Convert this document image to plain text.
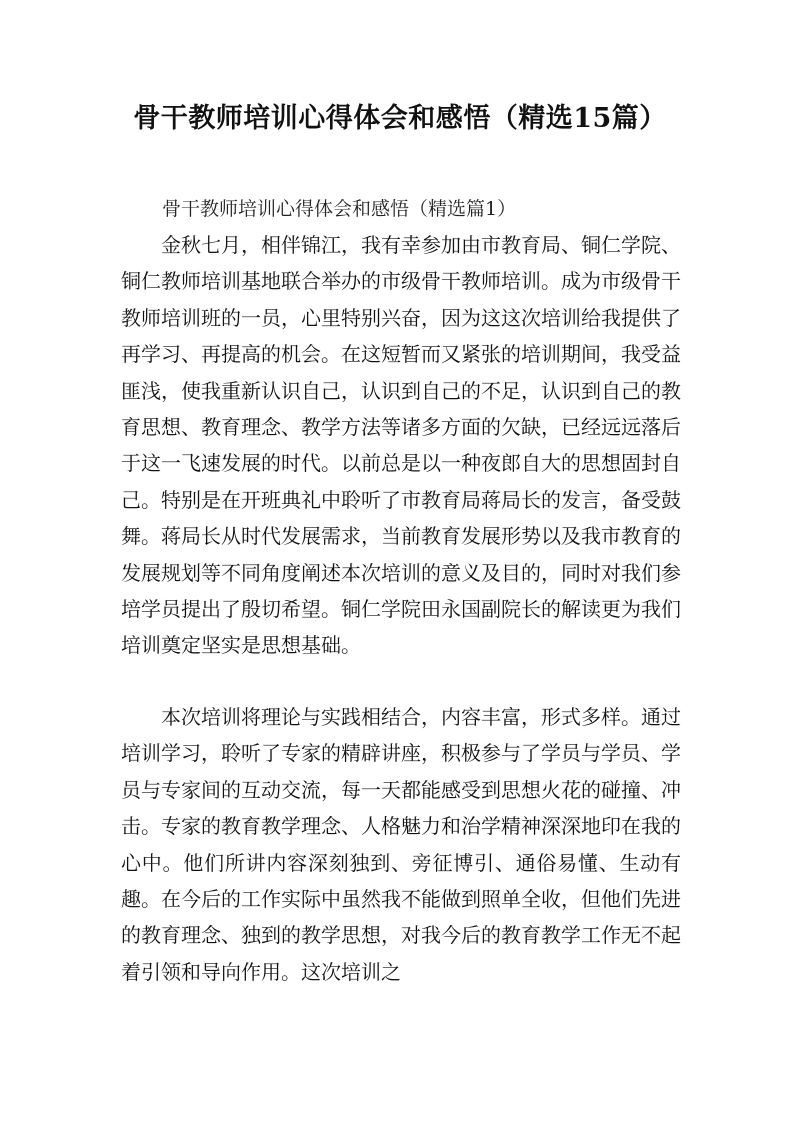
骨干教师培训心得体会和感悟（精选15篇）
骨干教师培训心得体会和感悟（精选篇1）

金秋七月，相伴锦江，我有幸参加由市教育局、铜仁学院、铜仁教师培训基地联合举办的市级骨干教师培训。成为市级骨干教师培训班的一员，心里特别兴奋，因为这这次培训给我提供了再学习、再提高的机会。在这短暂而又紧张的培训期间，我受益匪浅，使我重新认识自己，认识到自己的不足，认识到自己的教育思想、教育理念、教学方法等诸多方面的欠缺，已经远远落后于这一飞速发展的时代。以前总是以一种夜郎自大的思想固封自己。特别是在开班典礼中聆听了市教育局蒋局长的发言，备受鼓舞。蒋局长从时代发展需求，当前教育发展形势以及我市教育的发展规划等不同角度阐述本次培训的意义及目的，同时对我们参培学员提出了殷切希望。铜仁学院田永国副院长的解读更为我们培训奠定坚实是思想基础。

本次培训将理论与实践相结合，内容丰富，形式多样。通过培训学习，聆听了专家的精辟讲座，积极参与了学员与学员、学员与专家间的互动交流，每一天都能感受到思想火花的碰撞、冲击。专家的教育教学理念、人格魅力和治学精神深深地印在我的心中。他们所讲内容深刻独到、旁征博引、通俗易懂、生动有趣。在今后的工作实际中虽然我不能做到照单全收，但他们先进的教育理念、独到的教学思想，对我今后的教育教学工作无不起着引领和导向作用。这次培训之
